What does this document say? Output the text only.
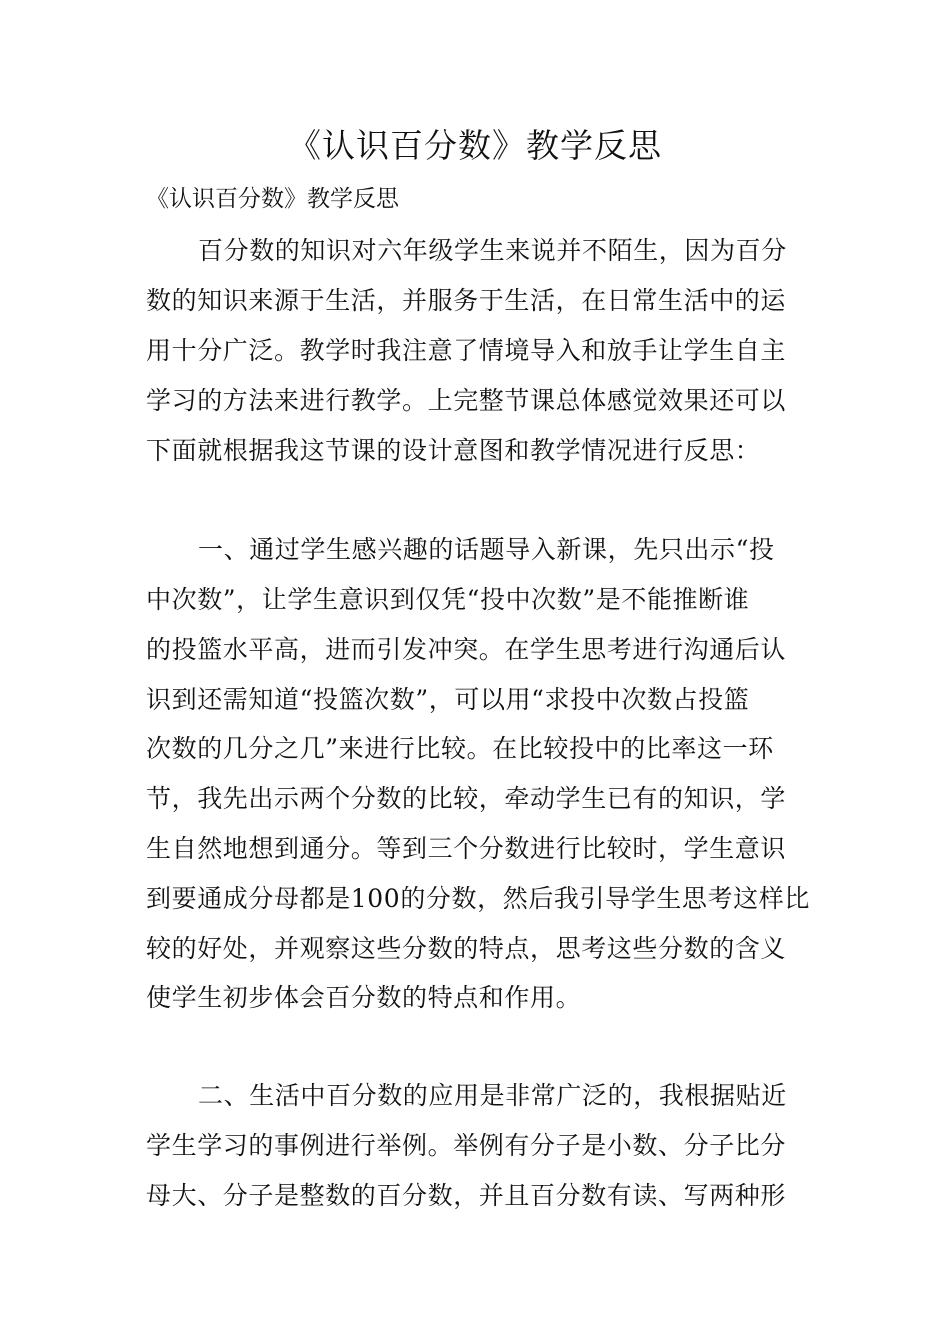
《认识百分数》教学反思

《认识百分数》教学反思

百分数的知识对六年级学生来说并不陌生，因为百分

数的知识来源于生活，并服务于生活，在日常生活中的运

用十分广泛。教学时我注意了情境导入和放手让学生自主

学习的方法来进行教学。上完整节课总体感觉效果还可以

下面就根据我这节课的设计意图和教学情况进行反思：

一、通过学生感兴趣的话题导入新课，先只出示“投

中次数”，让学生意识到仅凭“投中次数”是不能推断谁

的投篮水平高，进而引发冲突。在学生思考进行沟通后认

识到还需知道“投篮次数”，可以用“求投中次数占投篮

次数的几分之几”来进行比较。在比较投中的比率这一环

节，我先出示两个分数的比较，牵动学生已有的知识，学

生自然地想到通分。等到三个分数进行比较时，学生意识

到要通成分母都是100的分数，然后我引导学生思考这样比

较的好处，并观察这些分数的特点，思考这些分数的含义

使学生初步体会百分数的特点和作用。

二、生活中百分数的应用是非常广泛的，我根据贴近

学生学习的事例进行举例。举例有分子是小数、分子比分

母大、分子是整数的百分数，并且百分数有读、写两种形
